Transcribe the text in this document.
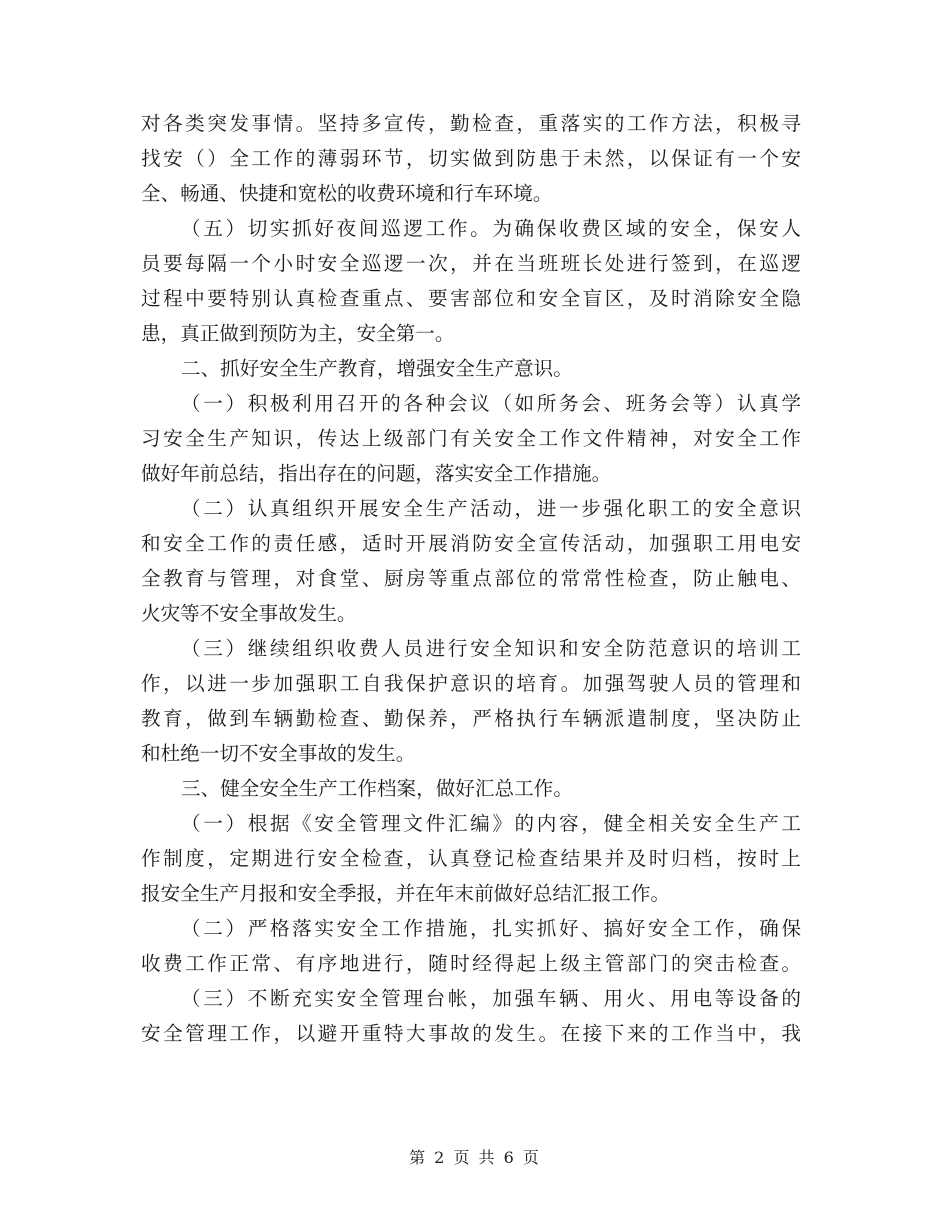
对各类突发事情。坚持多宣传，勤检查，重落实的工作方法，积极寻

找安（）全工作的薄弱环节，切实做到防患于未然，以保证有一个安

全、畅通、快捷和宽松的收费环境和行车环境。

（五）切实抓好夜间巡逻工作。为确保收费区域的安全，保安人

员要每隔一个小时安全巡逻一次，并在当班班长处进行签到，在巡逻

过程中要特别认真检查重点、要害部位和安全盲区，及时消除安全隐

患，真正做到预防为主，安全第一。

二、抓好安全生产教育，增强安全生产意识。

（一）积极利用召开的各种会议（如所务会、班务会等）认真学

习安全生产知识，传达上级部门有关安全工作文件精神，对安全工作

做好年前总结，指出存在的问题，落实安全工作措施。

（二）认真组织开展安全生产活动，进一步强化职工的安全意识

和安全工作的责任感，适时开展消防安全宣传活动，加强职工用电安

全教育与管理，对食堂、厨房等重点部位的常常性检查，防止触电、

火灾等不安全事故发生。

（三）继续组织收费人员进行安全知识和安全防范意识的培训工

作，以进一步加强职工自我保护意识的培育。加强驾驶人员的管理和

教育，做到车辆勤检查、勤保养，严格执行车辆派遣制度，坚决防止

和杜绝一切不安全事故的发生。

三、健全安全生产工作档案，做好汇总工作。

（一）根据《安全管理文件汇编》的内容，健全相关安全生产工

作制度，定期进行安全检查，认真登记检查结果并及时归档，按时上

报安全生产月报和安全季报，并在年末前做好总结汇报工作。

（二）严格落实安全工作措施，扎实抓好、搞好安全工作，确保

收费工作正常、有序地进行，随时经得起上级主管部门的突击检查。

（三）不断充实安全管理台帐，加强车辆、用火、用电等设备的

安全管理工作，以避开重特大事故的发生。在接下来的工作当中，我

第 2 页 共 6 页
